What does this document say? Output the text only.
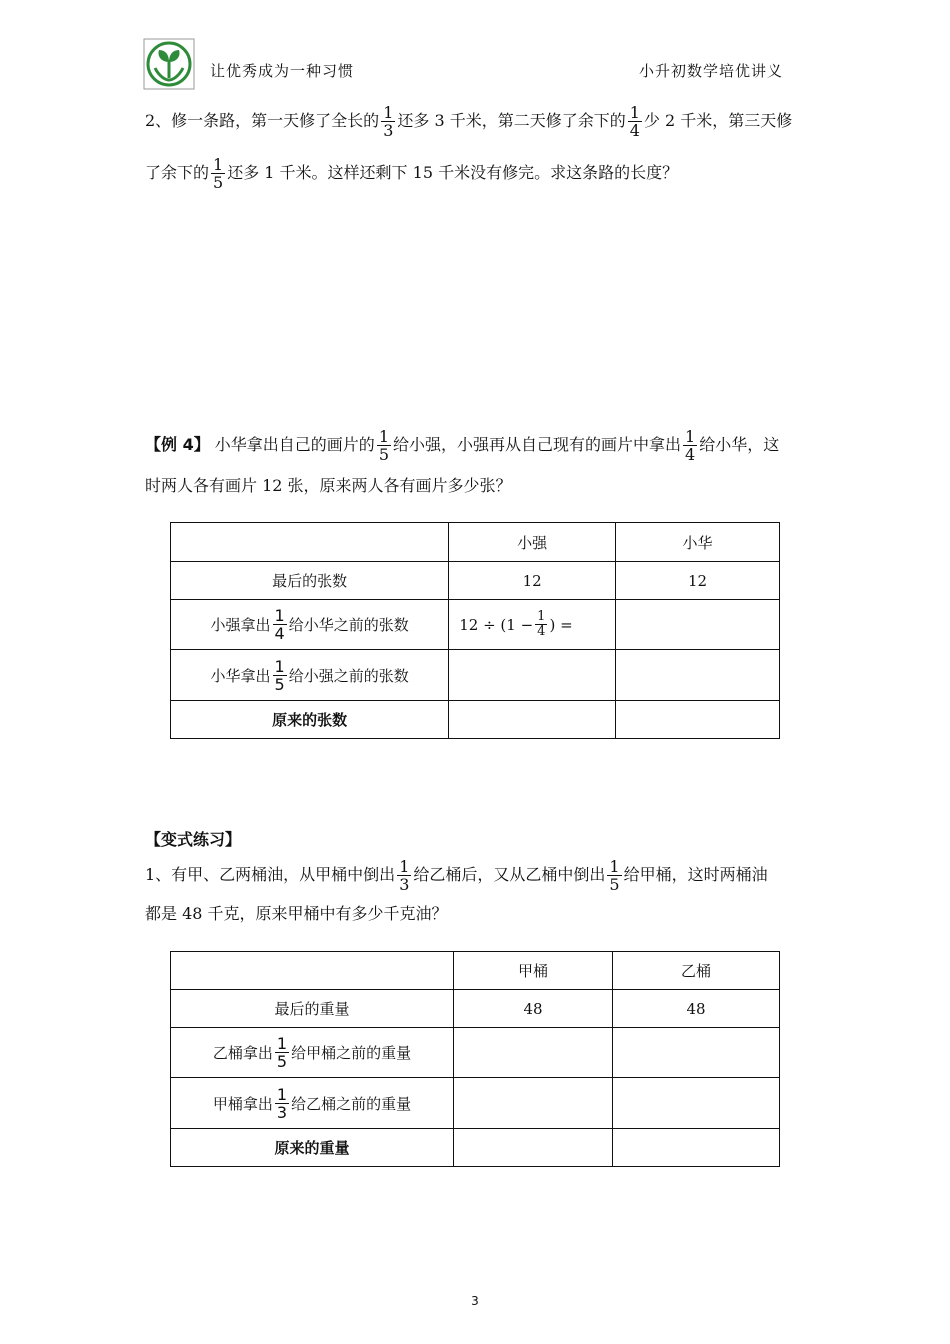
让优秀成为一种习惯	小升初数学培优讲义
2、修一条路，第一天修了全长的 $\frac{1}{3}$ 还多 3 千米，第二天修了余下的 $\frac{1}{4}$ 少 2 千米，第三天修
了余下的 $\frac{1}{5}$ 还多 1 千米。这样还剩下 15 千米没有修完。求这条路的长度？
【例 4】 小华拿出自己的画片的 $\frac{1}{5}$ 给小强，小强再从自己现有的画片中拿出 $\frac{1}{4}$ 给小华，这
时两人各有画片 12 张，原来两人各有画片多少张？
	小强	小华
最后的张数	12	12

小强拿出 $\frac{1}{4}$ 给小华之前的张数	$12 \div (1 - \frac{1}{4}$ ) =	

小华拿出 $\frac{1}{5}$ 给小强之前的张数		

原来的张数		
【变式练习】
1、有甲、乙两桶油，从甲桶中倒出 $\frac{1}{3}$ 给乙桶后，又从乙桶中倒出 $\frac{1}{5}$ 给甲桶，这时两桶油
都是 48 千克，原来甲桶中有多少千克油？
	甲桶	乙桶
最后的重量	48	48

乙桶拿出 $\frac{1}{5}$ 给甲桶之前的重量		

甲桶拿出 $\frac{1}{3}$ 给乙桶之前的重量		

原来的重量		
3
